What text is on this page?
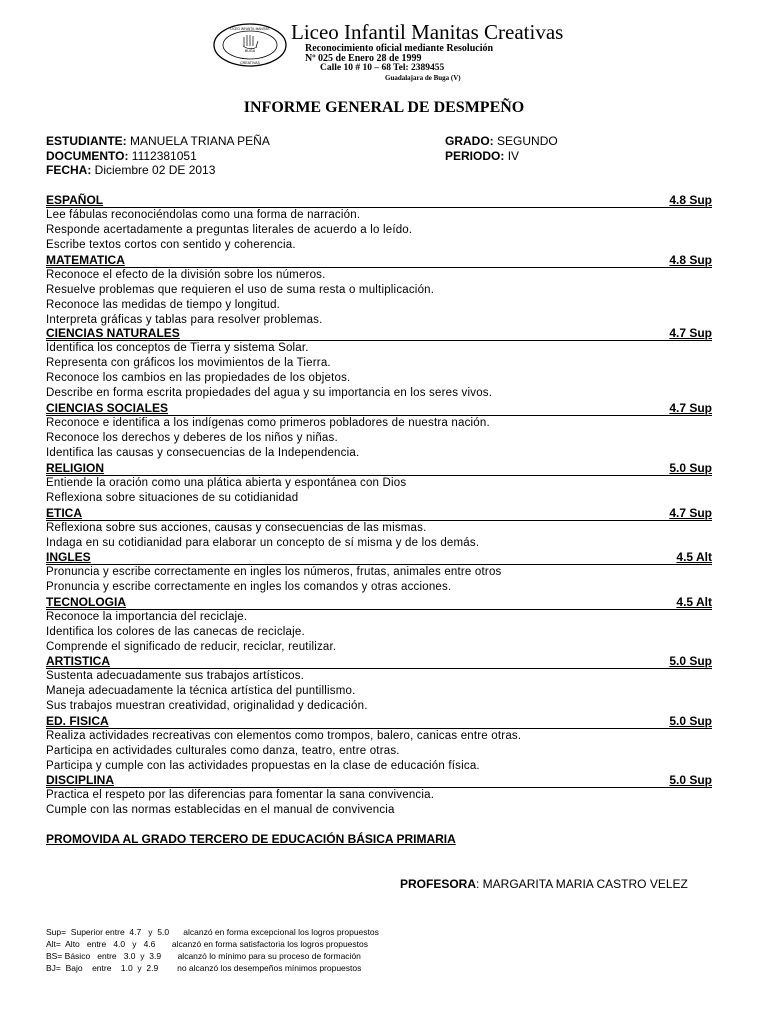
LICEO INFANTIL MANITAS
BUGA
CREATIVAS
Liceo Infantil Manitas Creativas
Reconocimiento oficial mediante Resolución
Nº 025 de Enero 28 de 1999
Calle 10 # 10 – 68 Tel: 2389455
Guadalajara de Buga (V)
INFORME GENERAL DE DESMPEÑO
ESTUDIANTE: MANUELA TRIANA PEÑA
DOCUMENTO: 1112381051
FECHA: Diciembre 02 DE 2013
GRADO: SEGUNDO
PERIODO: IV
ESPAÑOL	4.8 Sup
Lee fábulas reconociéndolas como una forma de narración.
Responde acertadamente a preguntas literales de acuerdo a lo leído.
Escribe textos cortos con sentido y coherencia.
MATEMATICA	4.8 Sup
Reconoce el efecto de la división sobre los números.
Resuelve problemas que requieren el uso de suma resta o multiplicación.
Reconoce las medidas de tiempo y longitud.
Interpreta gráficas y tablas para resolver problemas.
CIENCIAS NATURALES	4.7 Sup
Identifica los conceptos de Tierra y sistema Solar.
Representa con gráficos los movimientos de la Tierra.
Reconoce los cambios en las propiedades de los objetos.
Describe en forma escrita propiedades del agua y su importancia en los seres vivos.
CIENCIAS SOCIALES	4.7 Sup
Reconoce e identifica a los indígenas como primeros pobladores de nuestra nación.
Reconoce los derechos y deberes de los niños y niñas.
Identifica las causas y consecuencias de la Independencia.
RELIGION	5.0 Sup
Entiende la oración como una plática abierta y espontánea con Dios
Reflexiona sobre situaciones de su cotidianidad
ETICA	4.7 Sup
Reflexiona sobre sus acciones, causas y consecuencias de las mismas.
Indaga en su cotidianidad para elaborar un concepto de sí misma y de los demás.
INGLES	4.5 Alt
Pronuncia y escribe correctamente en ingles los números, frutas, animales entre otros
Pronuncia y escribe correctamente en ingles los comandos y otras acciones.
TECNOLOGIA	4.5 Alt
Reconoce la importancia del reciclaje.
Identifica los colores de las canecas de reciclaje.
Comprende el significado de reducir, reciclar, reutilizar.
ARTISTICA	5.0 Sup
Sustenta adecuadamente sus trabajos artísticos.
Maneja adecuadamente la técnica artística del puntillismo.
Sus trabajos muestran creatividad, originalidad y dedicación.
ED. FISICA	5.0 Sup
Realiza actividades recreativas con elementos como trompos, balero, canicas entre otras.
Participa en actividades culturales como danza, teatro, entre otras.
Participa y cumple con las actividades propuestas en la clase de educación física.
DISCIPLINA	5.0 Sup
Practica el respeto por las diferencias para fomentar la sana convivencia.
Cumple con las normas establecidas en el manual de convivencia
PROMOVIDA AL GRADO TERCERO DE EDUCACIÓN BÁSICA PRIMARIA
PROFESORA: MARGARITA MARIA CASTRO VELEZ
Sup=  Superior entre  4.7   y  5.0      alcanzó en forma excepcional los logros propuestos
Alt=  Alto   entre   4.0   y   4.6       alcanzó en forma satisfactoria los logros propuestos
BS= Básico   entre   3.0  y  3.9       alcanzó lo mínimo para su proceso de formación
BJ=  Bajo    entre    1.0  y  2.9        no alcanzó los desempeños mínimos propuestos
